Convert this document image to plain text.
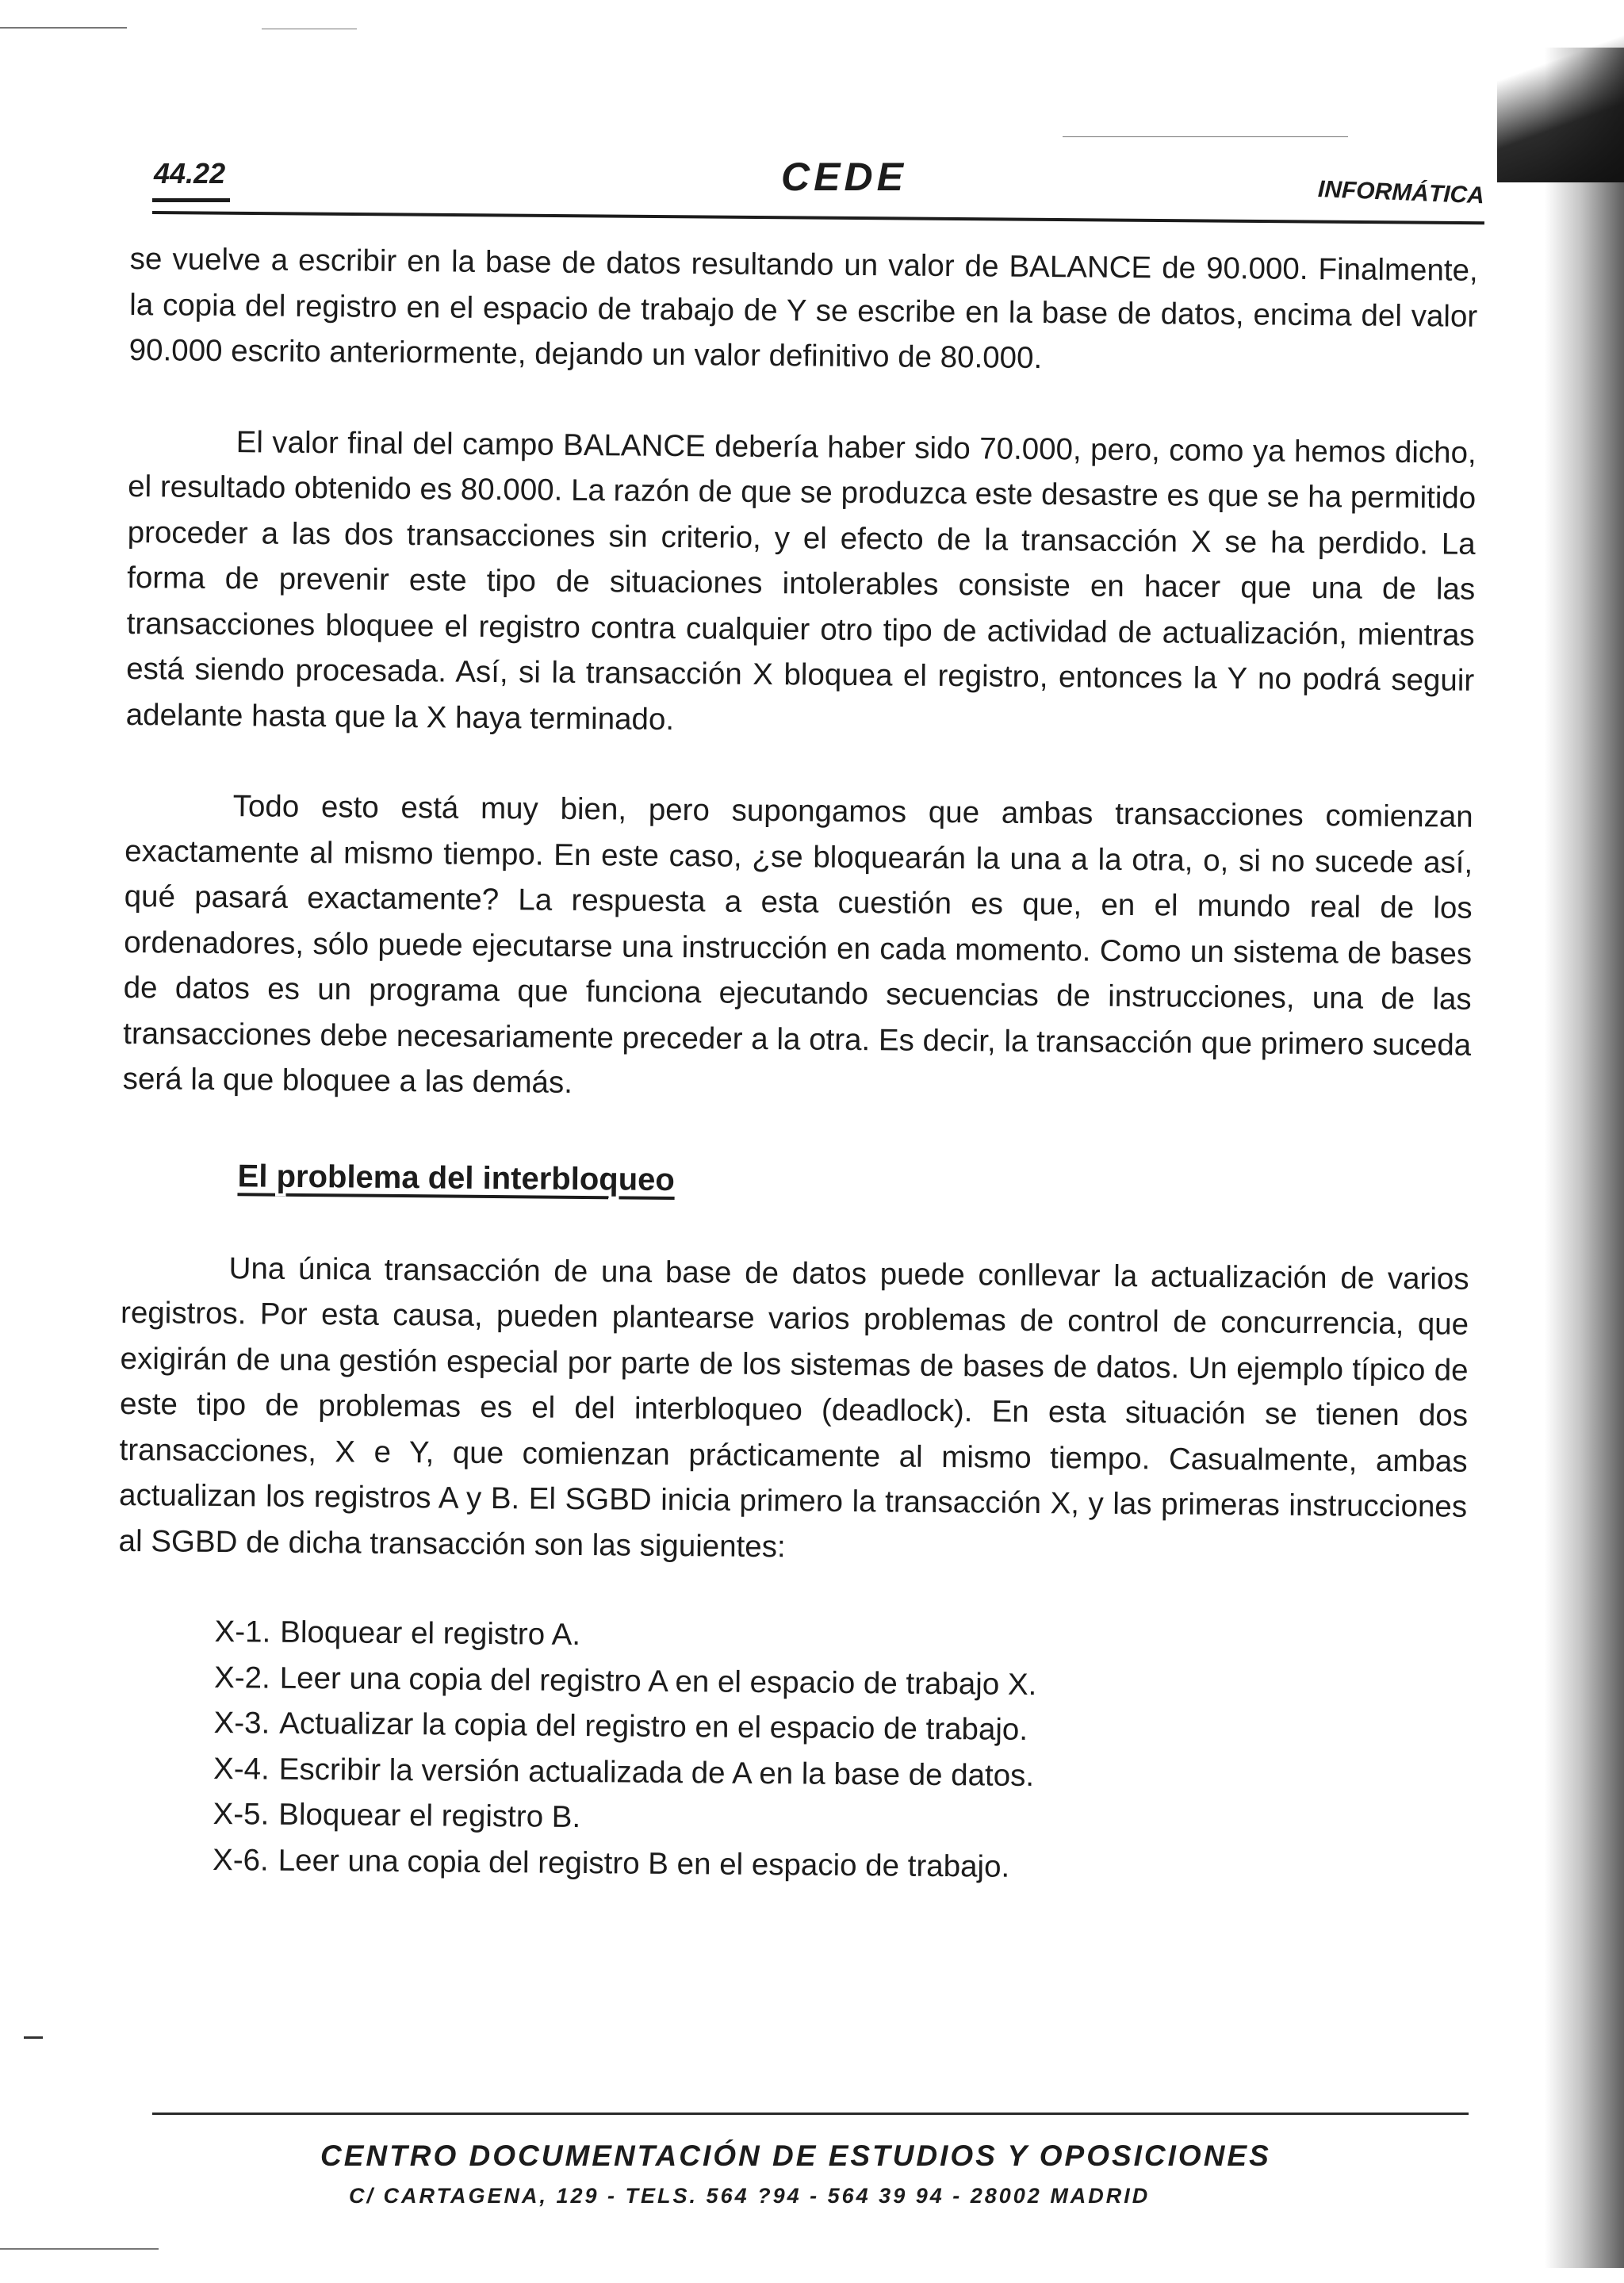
44.22	CEDE	INFORMÁTICA

se vuelve a escribir en la base de datos resultando un valor de BALANCE de 90.000. Finalmente, la copia del registro en el espacio de trabajo de Y se escribe en la base de datos, encima del valor 90.000 escrito anteriormente, dejando un valor definitivo de 80.000.

El valor final del campo BALANCE debería haber sido 70.000, pero, como ya hemos dicho, el resultado obtenido es 80.000. La razón de que se produzca este desastre es que se ha permitido proceder a las dos transacciones sin criterio, y el efecto de la transacción X se ha perdido. La forma de prevenir este tipo de situaciones intolerables consiste en hacer que una de las transacciones bloquee el registro contra cualquier otro tipo de actividad de actualización, mientras está siendo procesada. Así, si la transacción X bloquea el registro, entonces la Y no podrá seguir adelante hasta que la X haya terminado.

Todo esto está muy bien, pero supongamos que ambas transacciones comienzan exactamente al mismo tiempo. En este caso, ¿se bloquearán la una a la otra, o, si no sucede así, qué pasará exactamente? La respuesta a esta cuestión es que, en el mundo real de los ordenadores, sólo puede ejecutarse una instrucción en cada momento. Como un sistema de bases de datos es un programa que funciona ejecutando secuencias de instrucciones, una de las transacciones debe necesariamente preceder a la otra. Es decir, la transacción que primero suceda será la que bloquee a las demás.

El problema del interbloqueo

Una única transacción de una base de datos puede conllevar la actualización de varios registros. Por esta causa, pueden plantearse varios problemas de control de concurrencia, que exigirán de una gestión especial por parte de los sistemas de bases de datos. Un ejemplo típico de este tipo de problemas es el del interbloqueo (deadlock). En esta situación se tienen dos transacciones, X e Y, que comienzan prácticamente al mismo tiempo. Casualmente, ambas actualizan los registros A y B. El SGBD inicia primero la transacción X, y las primeras instrucciones al SGBD de dicha transacción son las siguientes:

X-1. Bloquear el registro A.
X-2. Leer una copia del registro A en el espacio de trabajo X.
X-3. Actualizar la copia del registro en el espacio de trabajo.
X-4. Escribir la versión actualizada de A en la base de datos.
X-5. Bloquear el registro B.
X-6. Leer una copia del registro B en el espacio de trabajo.
CENTRO DOCUMENTACIÓN DE ESTUDIOS Y OPOSICIONES
C/ CARTAGENA, 129 - TELS. 564 ?94 - 564 39 94 - 28002 MADRID
